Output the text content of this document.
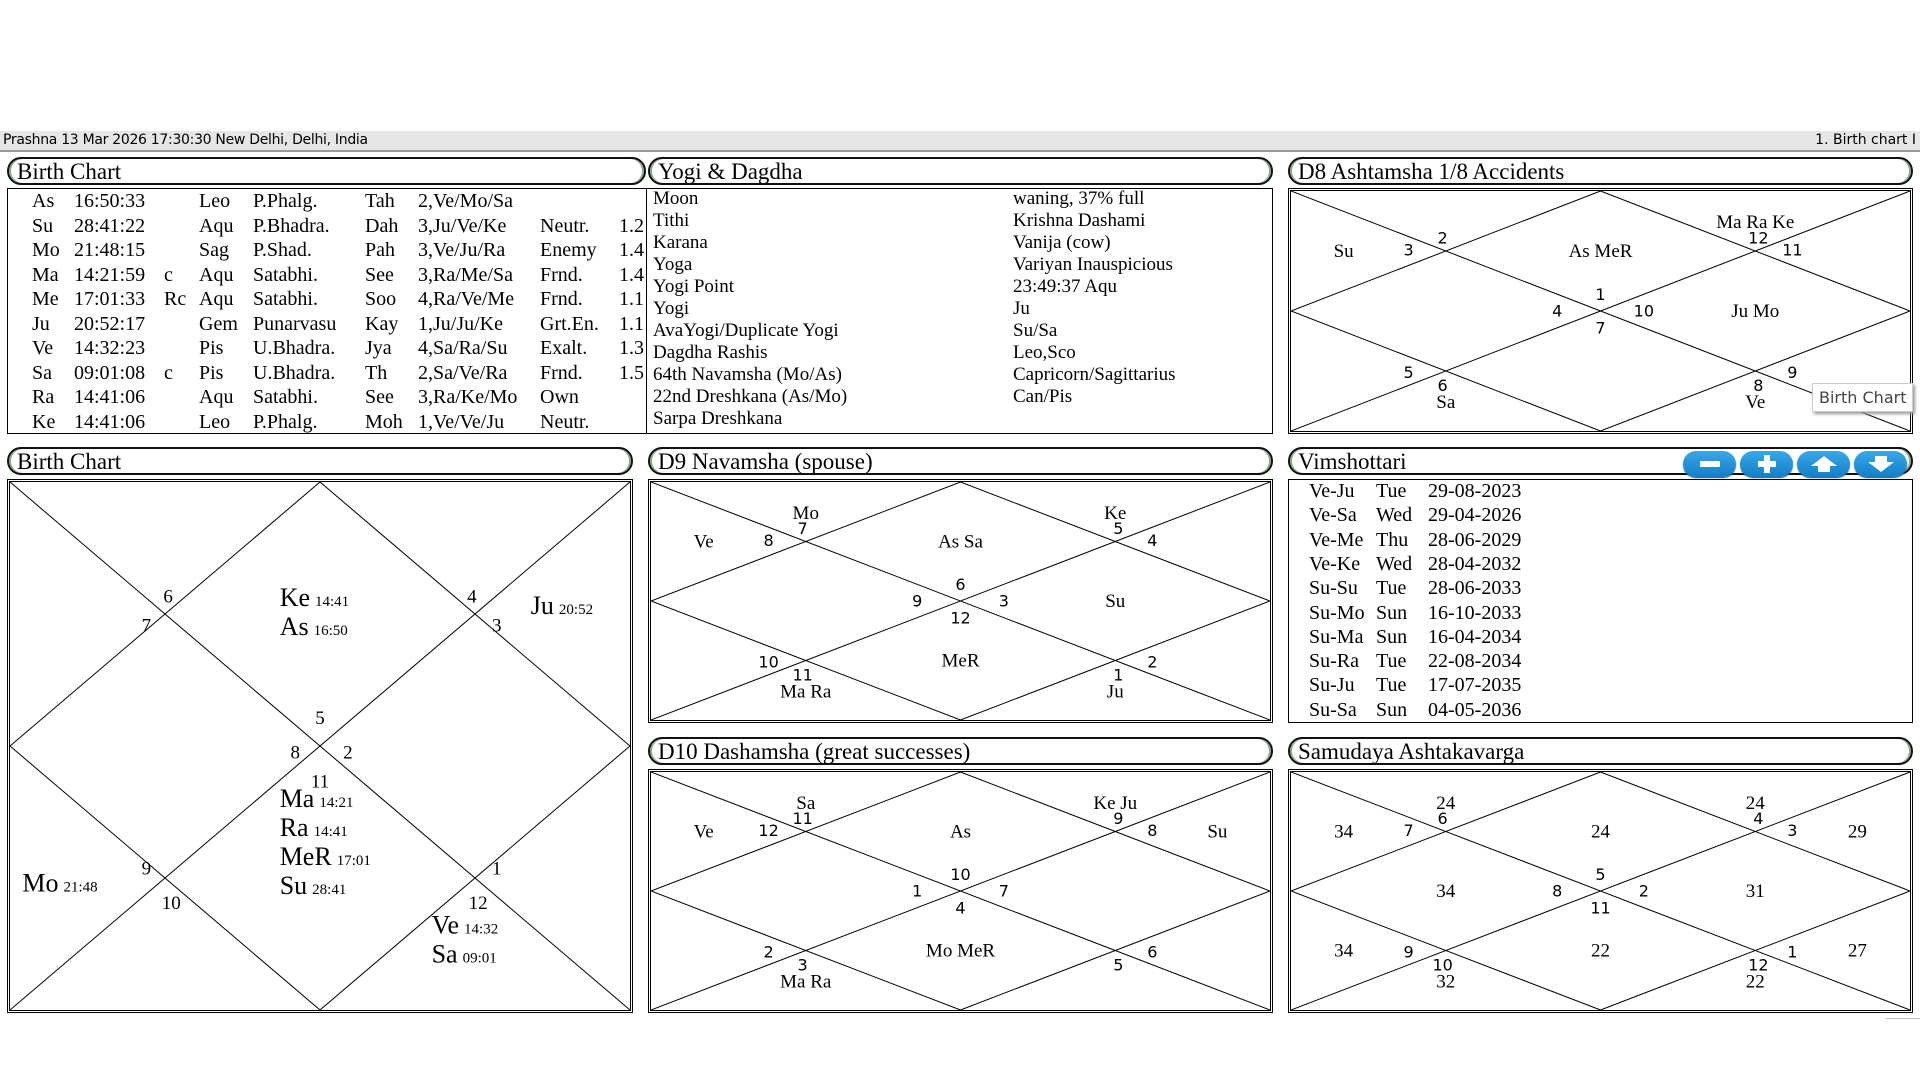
Prashna 13 Mar 2026 17:30:30 New Delhi, Delhi, India	1. Birth chart I
Birth Chart	Yogi & Dagdha	D8 Ashtamsha 1/8 Accidents
As 16:50:33	Leo P.Phalg. Tah 2,Ve/Mo/Sa
Su 28:41:22	Aqu P.Bhadra. Dah 3,Ju/Ve/Ke Neutr. 1.2
Mo 21:48:15	Sag P.Shad.	Pah 3,Ve/Ju/Ra Enemy 1.4
Ma 14:21:59 c Aqu Satabhi. See 3,Ra/Me/Sa Frnd. 1.4
Me 17:01:33 Rc Aqu Satabhi. Soo 4,Ra/Ve/Me Frnd. 1.1
Ju 20:52:17	Gem Punarvasu Kay 1,Ju/Ju/Ke Grt.En. 1.1
Ve 14:32:23	Pis U.Bhadra. Jya 4,Sa/Ra/Su Exalt. 1.3
Sa 09:01:08 c Pis U.Bhadra. Th 2,Sa/Ve/Ra Frnd. 1.5
Ra 14:41:06	Aqu Satabhi. See 3,Ra/Ke/Mo Own
Ke 14:41:06	Leo P.Phalg. Moh 1,Ve/Ve/Ju Neutr.
Moon	waning, 37% full
Tithi	Krishna Dashami
Karana	Vanija (cow)
Yoga	Variyan Inauspicious
Yogi Point	23:49:37 Aqu
Yogi	Ju
AvaYogi/Duplicate Yogi	Su/Sa
Dagdha Rashis	Leo,Sco
64th Navamsha (Mo/As)	Capricorn/Sagittarius
22nd Dreshkana (As/Mo)	Can/Pis
Sarpa Dreshkana
1
2
3
4
5
6
7
8
9
10
11
12
As MeR
Su
Sa	Ve
Ju Mo
Ma Ra Ke
Birth Chart
Birth Chart	D9 Navamsha (spouse)	Vimshottari
5
6
7
8
9
10
11
12
1
2
3
4
Ke 14:41
As 16:50
Mo 21:48
Ma 14:21
Ra 14:41
MeR 17:01
Su 28:41
Ve 14:32
Sa 09:01
Ju 20:52
6
7
8
9
10
11
12
1
2
3
4
5
As Sa
Mo
Ve
Ma Ra
MeR
Ju
Su
Ke
Ve-Ju Tue 29-08-2023
Ve-Sa Wed 29-04-2026
Ve-Me Thu 28-06-2029
Ve-Ke Wed 28-04-2032
Su-Su Tue 28-06-2033
Su-Mo Sun 16-10-2033
Su-Ma Sun 16-04-2034
Su-Ra Tue 22-08-2034
Su-Ju Tue 17-07-2035
Su-Sa Sun 04-05-2036
D10 Dashamsha (great successes)	Samudaya Ashtakavarga
10
11
12
1
2
3
4
5
6
7
8
9
As
Sa
Ve
Ma Ra
Mo MeR
Su
Ke Ju
5
6
7
8
9
10
11
12
1
2
3
4
24
24
34
34
34
32
22
22
27
31
29
24
